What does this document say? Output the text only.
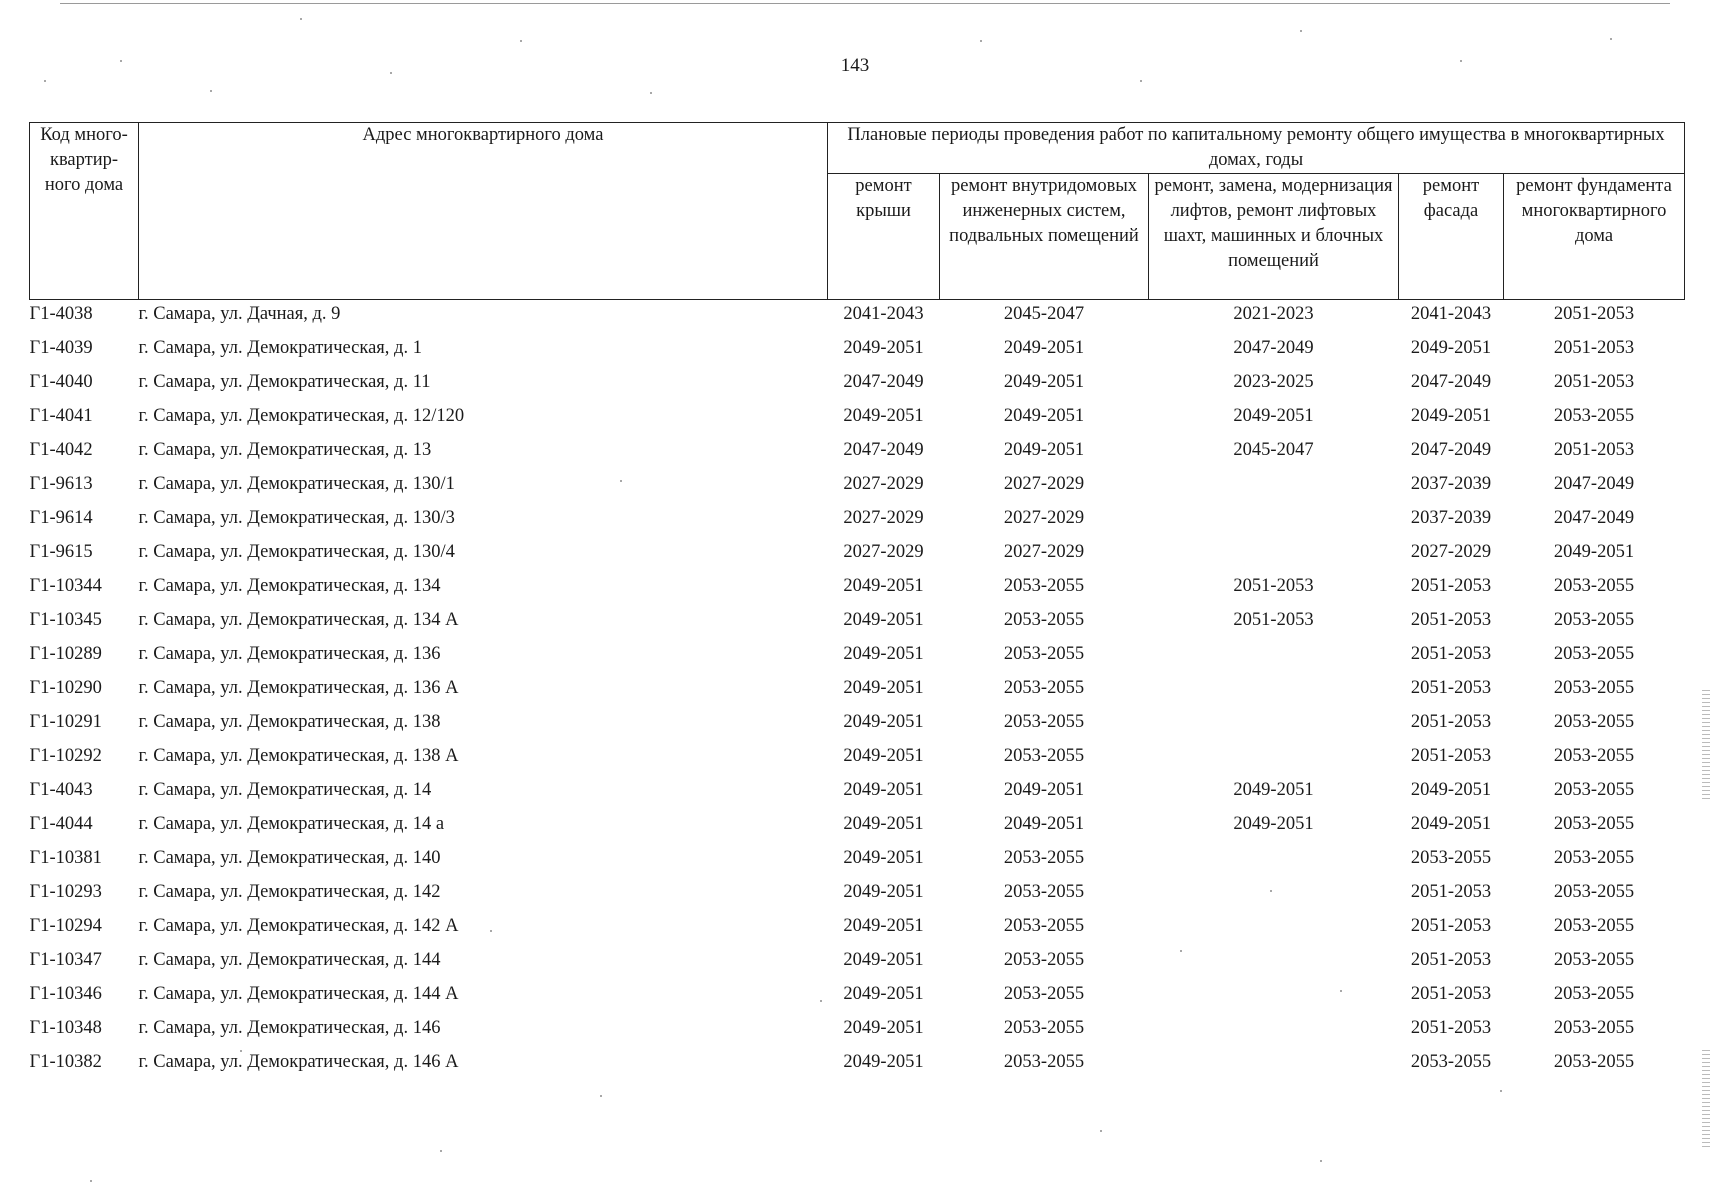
143
Код много-квартир-ного дома	Адрес многоквартирного дома	Плановые периоды проведения работ по капитальному ремонту общего имущества в многоквартирных домах, годы				
		ремонт крыши	ремонт внутридомовых инженерных систем, подвальных помещений	ремонт, замена, модернизация лифтов, ремонт лифтовых шахт, машинных и блочных помещений	ремонт фасада	ремонт фундамента многоквартирного дома
Г1-4038	г. Самара, ул. Дачная, д. 9	2041-2043	2045-2047	2021-2023	2041-2043	2051-2053
Г1-4039	г. Самара, ул. Демократическая, д. 1	2049-2051	2049-2051	2047-2049	2049-2051	2051-2053
Г1-4040	г. Самара, ул. Демократическая, д. 11	2047-2049	2049-2051	2023-2025	2047-2049	2051-2053
Г1-4041	г. Самара, ул. Демократическая, д. 12/120	2049-2051	2049-2051	2049-2051	2049-2051	2053-2055
Г1-4042	г. Самара, ул. Демократическая, д. 13	2047-2049	2049-2051	2045-2047	2047-2049	2051-2053
Г1-9613	г. Самара, ул. Демократическая, д. 130/1	2027-2029	2027-2029		2037-2039	2047-2049
Г1-9614	г. Самара, ул. Демократическая, д. 130/3	2027-2029	2027-2029		2037-2039	2047-2049
Г1-9615	г. Самара, ул. Демократическая, д. 130/4	2027-2029	2027-2029		2027-2029	2049-2051
Г1-10344	г. Самара, ул. Демократическая, д. 134	2049-2051	2053-2055	2051-2053	2051-2053	2053-2055
Г1-10345	г. Самара, ул. Демократическая, д. 134 А	2049-2051	2053-2055	2051-2053	2051-2053	2053-2055
Г1-10289	г. Самара, ул. Демократическая, д. 136	2049-2051	2053-2055		2051-2053	2053-2055
Г1-10290	г. Самара, ул. Демократическая, д. 136 А	2049-2051	2053-2055		2051-2053	2053-2055
Г1-10291	г. Самара, ул. Демократическая, д. 138	2049-2051	2053-2055		2051-2053	2053-2055
Г1-10292	г. Самара, ул. Демократическая, д. 138 А	2049-2051	2053-2055		2051-2053	2053-2055
Г1-4043	г. Самара, ул. Демократическая, д. 14	2049-2051	2049-2051	2049-2051	2049-2051	2053-2055
Г1-4044	г. Самара, ул. Демократическая, д. 14 а	2049-2051	2049-2051	2049-2051	2049-2051	2053-2055
Г1-10381	г. Самара, ул. Демократическая, д. 140	2049-2051	2053-2055		2053-2055	2053-2055
Г1-10293	г. Самара, ул. Демократическая, д. 142	2049-2051	2053-2055		2051-2053	2053-2055
Г1-10294	г. Самара, ул. Демократическая, д. 142 А	2049-2051	2053-2055		2051-2053	2053-2055
Г1-10347	г. Самара, ул. Демократическая, д. 144	2049-2051	2053-2055		2051-2053	2053-2055
Г1-10346	г. Самара, ул. Демократическая, д. 144 А	2049-2051	2053-2055		2051-2053	2053-2055
Г1-10348	г. Самара, ул. Демократическая, д. 146	2049-2051	2053-2055		2051-2053	2053-2055
Г1-10382	г. Самара, ул. Демократическая, д. 146 А	2049-2051	2053-2055		2053-2055	2053-2055
